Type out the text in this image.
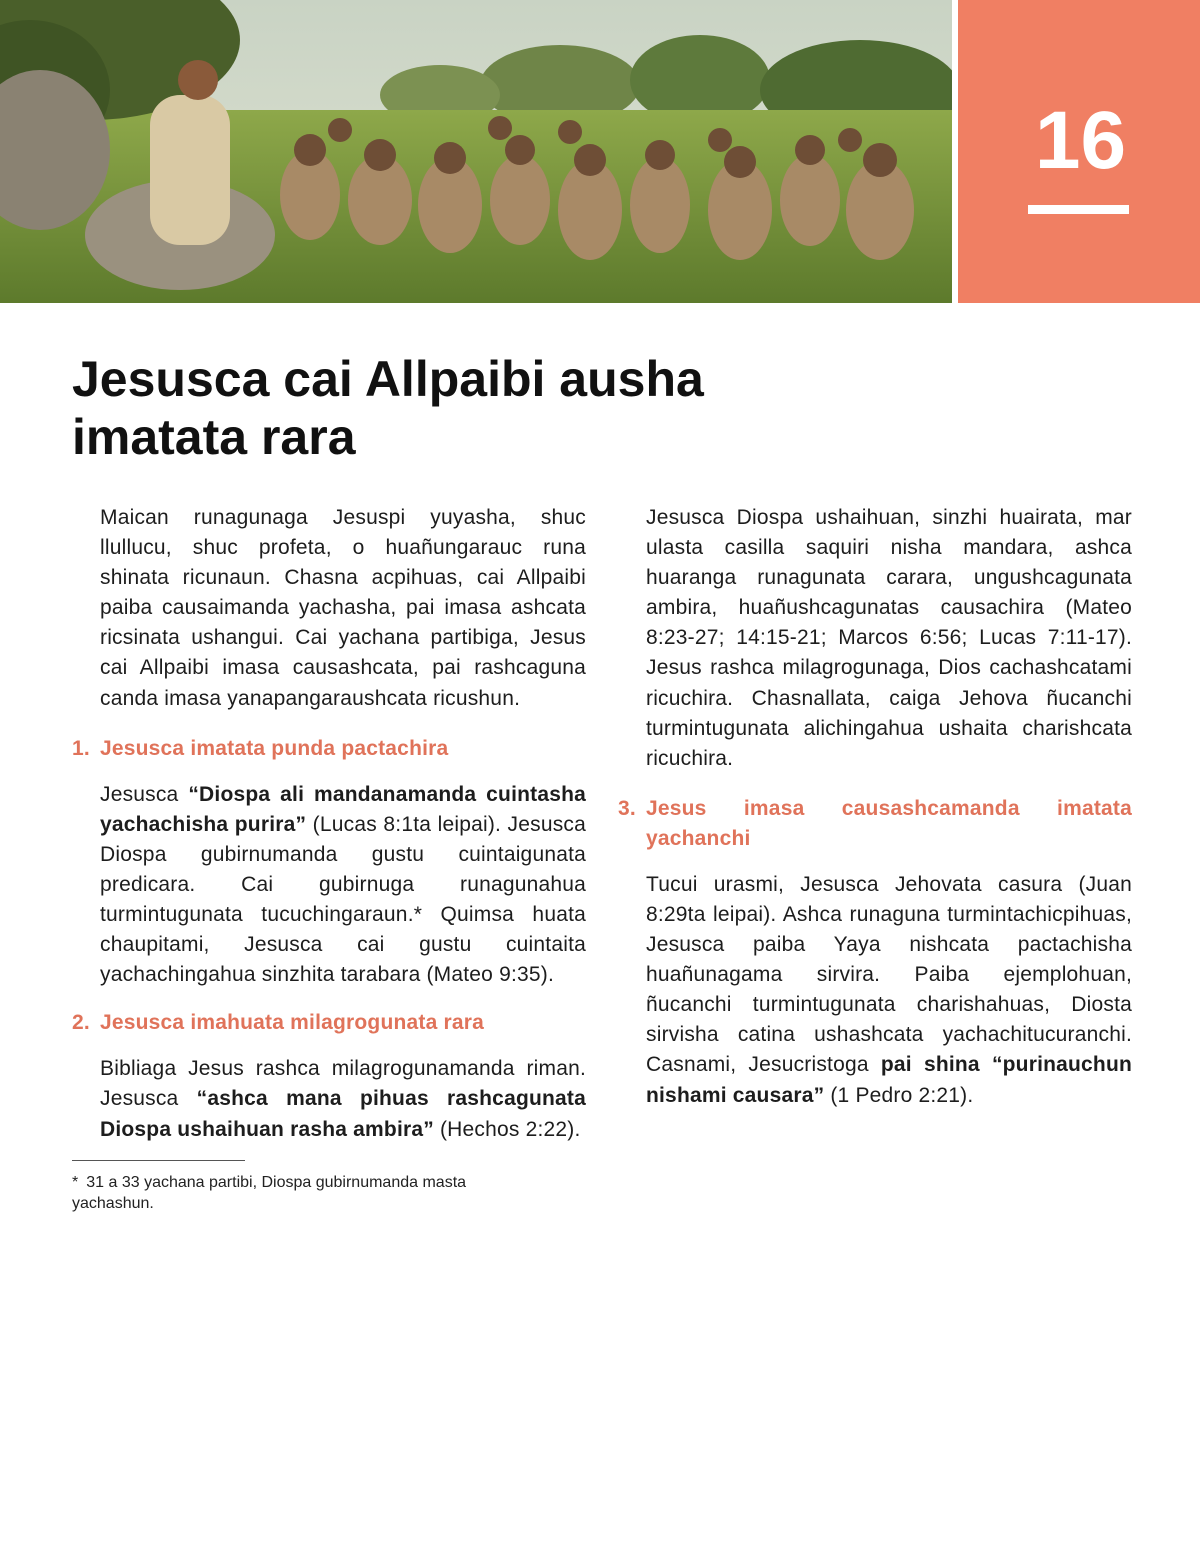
16
Jesusca cai Allpaibi ausha
imatata rara

Maican runagunaga Jesuspi yuyasha, shuc llullucu, shuc profeta, o huañungarauc runa shinata ricunaun. Chasna acpihuas, cai Allpaibi paiba causaimanda yachasha, pai imasa ashcata ricsinata ushangui. Cai yachana partibiga, Jesus cai Allpaibi imasa causashcata, pai rashcaguna canda imasa yanapangaraushcata ricushun.

1. Jesusca imatata punda pactachira

Jesusca “Diospa ali mandanamanda cuintasha yachachisha purira” (Lucas 8:1ta leipai). Jesusca Diospa gubirnumanda gustu cuintaigunata predicara. Cai gubirnuga runagunahua turmintugunata tucuchingaraun.* Quimsa huata chaupitami, Jesusca cai gustu cuintaita yachachingahua sinzhita tarabara (Mateo 9:35).

2. Jesusca imahuata milagrogunata rara

Bibliaga Jesus rashca milagrogunamanda riman. Jesusca “ashca mana pihuas rashcagunata Diospa ushaihuan rasha ambira” (Hechos 2:22).

Jesusca Diospa ushaihuan, sinzhi huairata, mar ulasta casilla saquiri nisha mandara, ashca huaranga runagunata carara, ungushcagunata ambira, huañushcagunatas causachira (Mateo 8:23-27; 14:15-21; Marcos 6:56; Lucas 7:11-17). Jesus rashca milagrogunaga, Dios cachashcatami ricuchira. Chasnallata, caiga Jehova ñucanchi turmintugunata alichingahua ushaita charishcata ricuchira.

3. Jesus imasa causashcamanda imatata yachanchi

Tucui urasmi, Jesusca Jehovata casura (Juan 8:29ta leipai). Ashca runaguna turmintachicpihuas, Jesusca paiba Yaya nishcata pactachisha huañunagama sirvira. Paiba ejemplohuan, ñucanchi turmintugunata charishahuas, Diosta sirvisha catina ushashcata yachachitucuranchi. Casnami, Jesucristoga pai shina “purinauchun nishami causara” (1 Pedro 2:21).

* 31 a 33 yachana partibi, Diospa gubirnumanda masta yachashun.
